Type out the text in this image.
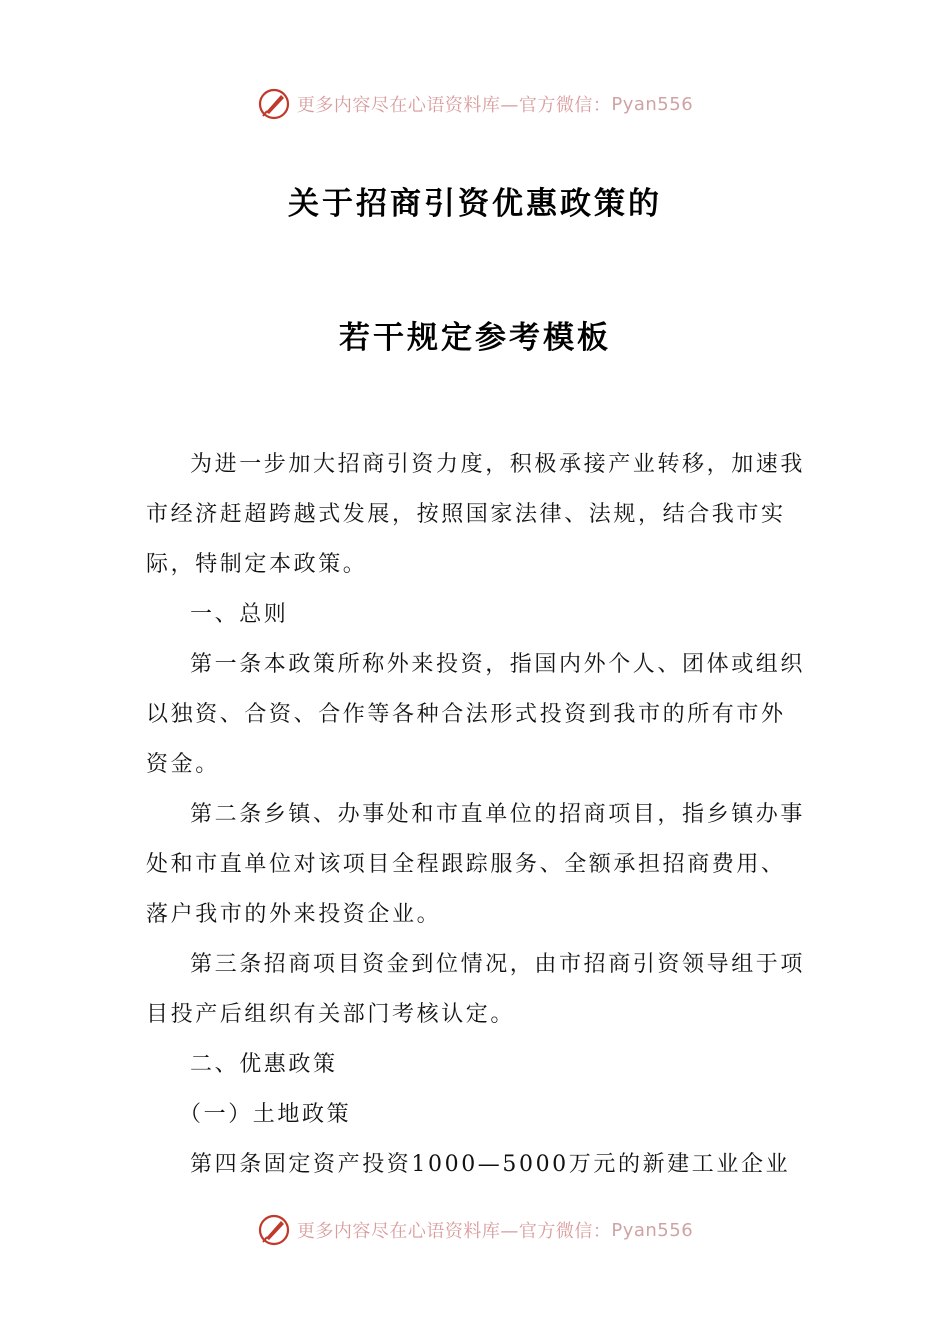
更多内容尽在心语资料库—官方微信： Pyan556
关于招商引资优惠政策的
若干规定参考模板

为进一步加大招商引资力度，积极承接产业转移，加速我市经济赶超跨越式发展，按照国家法律、法规，结合我市实际，特制定本政策。

一、总则

第一条本政策所称外来投资，指国内外个人、团体或组织以独资、合资、合作等各种合法形式投资到我市的所有市外资金。

第二条乡镇、办事处和市直单位的招商项目，指乡镇办事处和市直单位对该项目全程跟踪服务、全额承担招商费用、落户我市的外来投资企业。

第三条招商项目资金到位情况，由市招商引资领导组于项目投产后组织有关部门考核认定。

二、优惠政策

（一）土地政策

第四条固定资产投资1000—5000万元的新建工业企业

更多内容尽在心语资料库—官方微信： Pyan556
